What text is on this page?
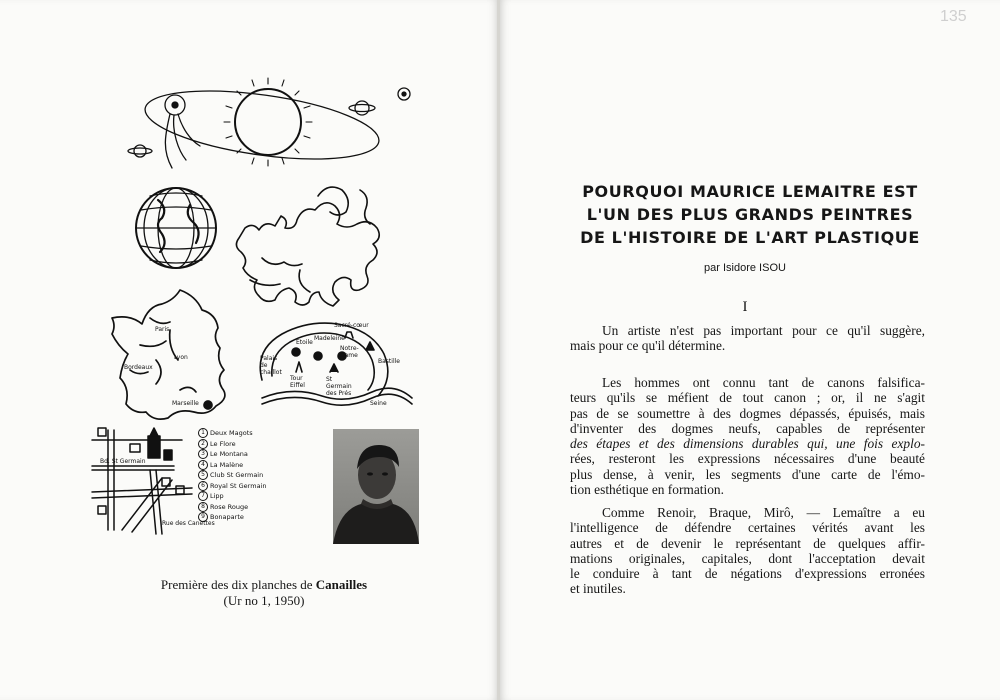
Paris
Lyon
Bordeaux
Marseille
Sacré-cœur
Etoile
Madeleine
Notre-Dame
Palais de chaillot
Tour Eiffel
St Germain des Prés
Bastille
Seine
Bd. St Germain
Rue des Canettes
1 Deux Magots
2 Le Flore
3 Le Montana
4 La Malène
5 Club St Germain
6 Royal St Germain
7 Lipp
8 Rose Rouge
9 Bonaparte
Première des dix planches de Canailles
(Ur no 1, 1950)
135
POURQUOI MAURICE LEMAITRE EST
L'UN DES PLUS GRANDS PEINTRES
DE L'HISTOIRE DE L'ART PLASTIQUE
par Isidore ISOU
I
Un artiste n'est pas important pour ce qu'il suggère,
mais pour ce qu'il détermine.
Les hommes ont connu tant de canons falsifica-
teurs qu'ils se méfient de tout canon ; or, il ne s'agit
pas de se soumettre à des dogmes dépassés, épuisés, mais
d'inventer des dogmes neufs, capables de représenter
des étapes et des dimensions durables qui, une fois explo-
rées, resteront les expressions nécessaires d'une beauté
plus dense, à venir, les segments d'une carte de l'émo-
tion esthétique en formation.
Comme Renoir, Braque, Mirô, — Lemaître a eu
l'intelligence de défendre certaines vérités avant les
autres et de devenir le représentant de quelques affir-
mations originales, capitales, dont l'acceptation devait
le conduire à tant de négations d'expressions erronées
et inutiles.
